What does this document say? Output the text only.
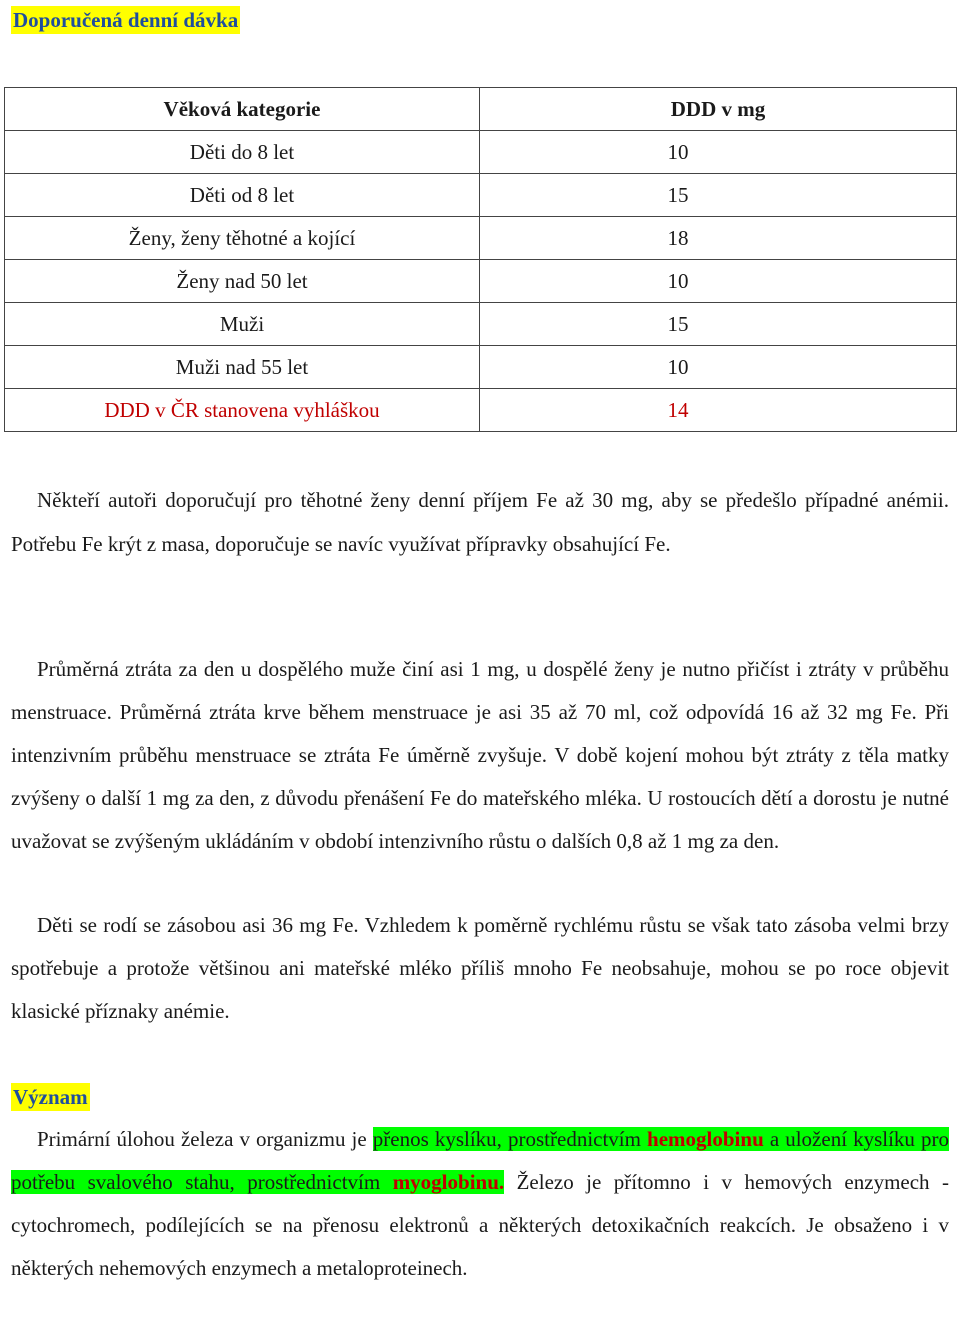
Doporučená denní dávka
Věková kategorie	DDD v mg
Děti do 8 let	10
Děti od 8 let	15
Ženy, ženy těhotné a kojící	18
Ženy nad 50 let	10
Muži	15
Muži nad 55 let	10
DDD v ČR stanovena vyhláškou	14

Někteří autoři doporučují pro těhotné ženy denní příjem Fe až 30 mg, aby se předešlo případné anémii. Potřebu Fe krýt z masa, doporučuje se navíc využívat přípravky obsahující Fe.

Průměrná ztráta za den u dospělého muže činí asi 1 mg, u dospělé ženy je nutno přičíst i ztráty v průběhu menstruace. Průměrná ztráta krve během menstruace je asi 35 až 70 ml, což odpovídá 16 až 32 mg Fe. Při intenzivním průběhu menstruace se ztráta Fe úměrně zvyšuje. V době kojení mohou být ztráty z těla matky zvýšeny o další 1 mg za den, z důvodu přenášení Fe do mateřského mléka. U rostoucích dětí a dorostu je nutné uvažovat se zvýšeným ukládáním v období intenzivního růstu o dalších 0,8 až 1 mg za den.

Děti se rodí se zásobou asi 36 mg Fe. Vzhledem k poměrně rychlému růstu se však tato zásoba velmi brzy spotřebuje a protože většinou ani mateřské mléko příliš mnoho Fe neobsahuje, mohou se po roce objevit klasické příznaky anémie.

Význam

Primární úlohou železa v organizmu je přenos kyslíku, prostřednictvím hemoglobinu a uložení kyslíku pro potřebu svalového stahu, prostřednictvím myoglobinu. Železo je přítomno i v hemových enzymech - cytochromech, podílejících se na přenosu elektronů a některých detoxikačních reakcích. Je obsaženo i v některých nehemových enzymech a metaloproteinech.
